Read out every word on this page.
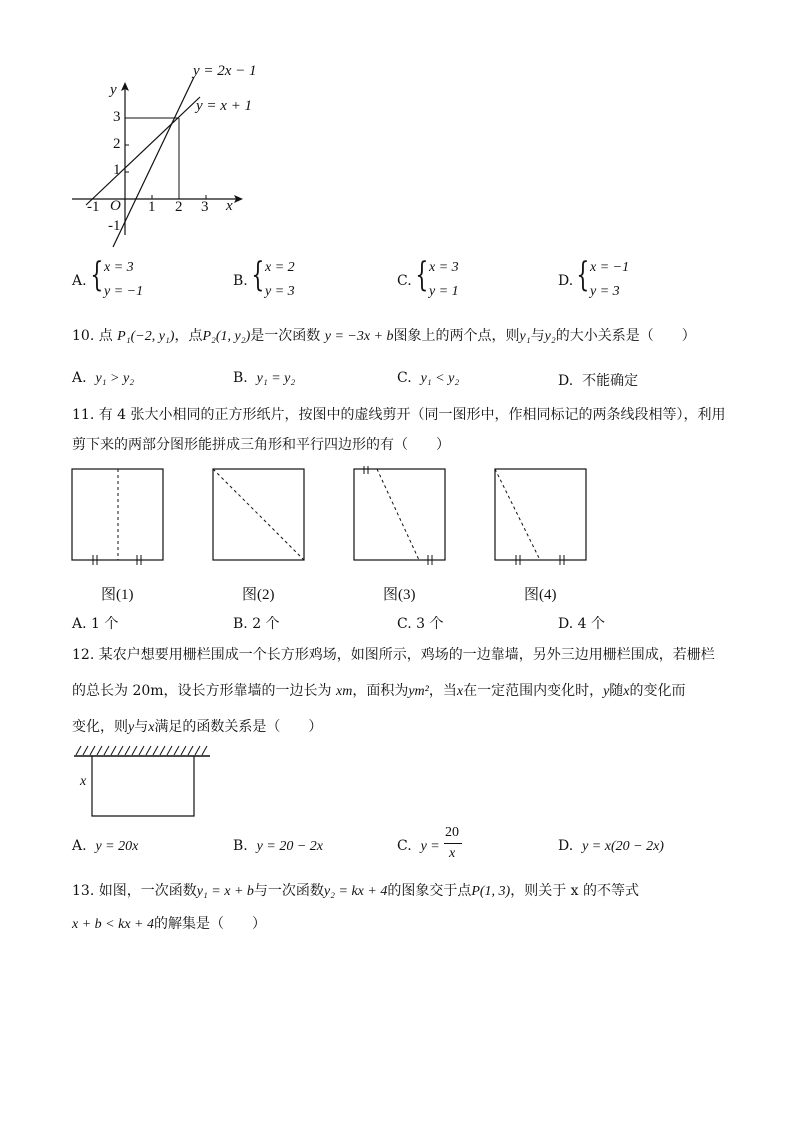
y = 2x − 1
y = x + 1
y
x
O
3
2
1
-1
-1	1 2 3
A. { x = 3
y = −1
B. { x = 2
y = 3
C. { x = 3
y = 1
D. { x = −1
y = 3
10. 点 P₁(−2, y₁)，点P₂(1, y₂)是一次函数 y = −3x + b图象上的两个点，则y₁与y₂的大小关系是（　　）
A. y₁ > y₂	B. y₁ = y₂	C. y₁ < y₂	D. 不能确定
11. 有 4 张大小相同的正方形纸片，按图中的虚线剪开（同一图形中，作相同标记的两条线段相等），利用
剪下来的两部分图形能拼成三角形和平行四边形的有（　　）
图(1)	图(2)	图(3)	图(4)
A. 1 个	B. 2 个	C. 3 个	D. 4 个
12. 某农户想要用栅栏围成一个长方形鸡场，如图所示，鸡场的一边靠墙，另外三边用栅栏围成，若栅栏
的总长为 20m，设长方形靠墙的一边长为 xm，面积为ym²，当x在一定范围内变化时，y随x的变化而
变化，则y与x满足的函数关系是（　　）
x
A. y = 20x	B. y = 20 − 2x	C. y =
20
x	D. y = x(20 − 2x)
13. 如图，一次函数y₁ = x + b与一次函数y₂ = kx + 4的图象交于点P(1, 3)，则关于 x 的不等式
x + b < kx + 4的解集是（　　）
